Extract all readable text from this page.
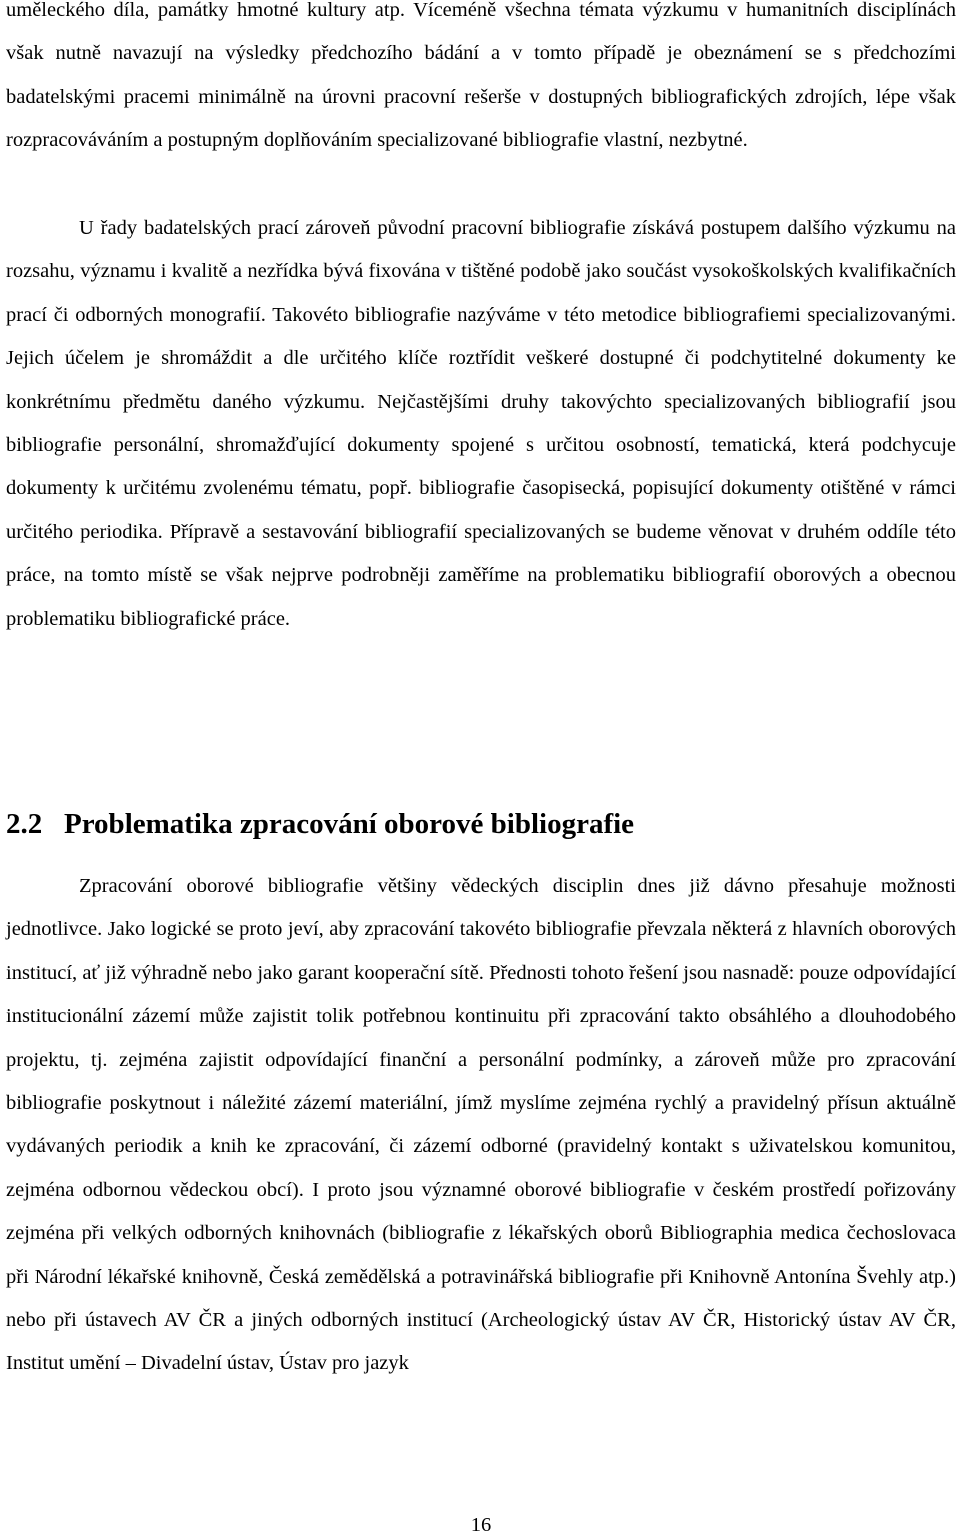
uměleckého díla, památky hmotné kultury atp. Víceméně všechna témata výzkumu v humanitních disciplínách však nutně navazují na výsledky předchozího bádání a v tomto případě je obeznámení se s předchozími badatelskými pracemi minimálně na úrovni pracovní rešerše v dostupných bibliografických zdrojích, lépe však rozpracováváním a postupným doplňováním specializované bibliografie vlastní, nezbytné.

U řady badatelských prací zároveň původní pracovní bibliografie získává postupem dalšího výzkumu na rozsahu, významu i kvalitě a nezřídka bývá fixována v tištěné podobě jako součást vysokoškolských kvalifikačních prací či odborných monografií. Takovéto bibliografie nazýváme v této metodice bibliografiemi specializovanými. Jejich účelem je shromáždit a dle určitého klíče roztřídit veškeré dostupné či podchytitelné dokumenty ke konkrétnímu předmětu daného výzkumu. Nejčastějšími druhy takovýchto specializovaných bibliografií jsou bibliografie personální, shromažďující dokumenty spojené s určitou osobností, tematická, která podchycuje dokumenty k určitému zvolenému tématu, popř. bibliografie časopisecká, popisující dokumenty otištěné v rámci určitého periodika. Přípravě a sestavování bibliografií specializovaných se budeme věnovat v druhém oddíle této práce, na tomto místě se však nejprve podrobněji zaměříme na problematiku bibliografií oborových a obecnou problematiku bibliografické práce.

2.2 Problematika zpracování oborové bibliografie

Zpracování oborové bibliografie většiny vědeckých disciplin dnes již dávno přesahuje možnosti jednotlivce. Jako logické se proto jeví, aby zpracování takovéto bibliografie převzala některá z hlavních oborových institucí, ať již výhradně nebo jako garant kooperační sítě. Přednosti tohoto řešení jsou nasnadě: pouze odpovídající institucionální zázemí může zajistit tolik potřebnou kontinuitu při zpracování takto obsáhlého a dlouhodobého projektu, tj. zejména zajistit odpovídající finanční a personální podmínky, a zároveň může pro zpracování bibliografie poskytnout i náležité zázemí materiální, jímž myslíme zejména rychlý a pravidelný přísun aktuálně vydávaných periodik a knih ke zpracování, či zázemí odborné (pravidelný kontakt s uživatelskou komunitou, zejména odbornou vědeckou obcí). I proto jsou významné oborové bibliografie v českém prostředí pořizovány zejména při velkých odborných knihovnách (bibliografie z lékařských oborů Bibliographia medica čechoslovaca při Národní lékařské knihovně, Česká zemědělská a potravinářská bibliografie při Knihovně Antonína Švehly atp.) nebo při ústavech AV ČR a jiných odborných institucí (Archeologický ústav AV ČR, Historický ústav AV ČR, Institut umění – Divadelní ústav, Ústav pro jazyk

16
